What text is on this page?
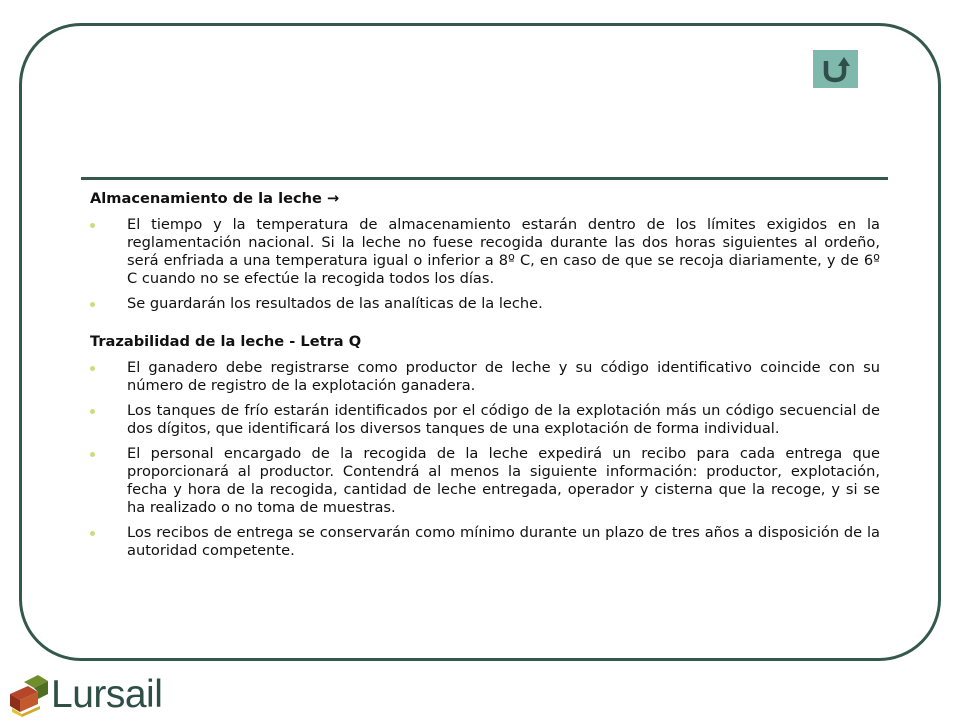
Almacenamiento de la leche →

El tiempo y la temperatura de almacenamiento estarán dentro de los límites exigidos en la reglamentación nacional. Si la leche no fuese recogida durante las dos horas siguientes al ordeño, será enfriada a una temperatura igual o inferior a 8º C, en caso de que se recoja diariamente, y de 6º C cuando no se efectúe la recogida todos los días.
Se guardarán los resultados de las analíticas de la leche.

Trazabilidad de la leche - Letra Q

El ganadero debe registrarse como productor de leche y su código identificativo coincide con su número de registro de la explotación ganadera.
Los tanques de frío estarán identificados por el código de la explotación más un código secuencial de dos dígitos, que identificará los diversos tanques de una explotación de forma individual.
El personal encargado de la recogida de la leche expedirá un recibo para cada entrega que proporcionará al productor. Contendrá al menos la siguiente información: productor, explotación, fecha y hora de la recogida, cantidad de leche entregada, operador y cisterna que la recoge, y si se ha realizado o no toma de muestras.
Los recibos de entrega se conservarán como mínimo durante un plazo de tres años a disposición de la autoridad competente.
Lursail
